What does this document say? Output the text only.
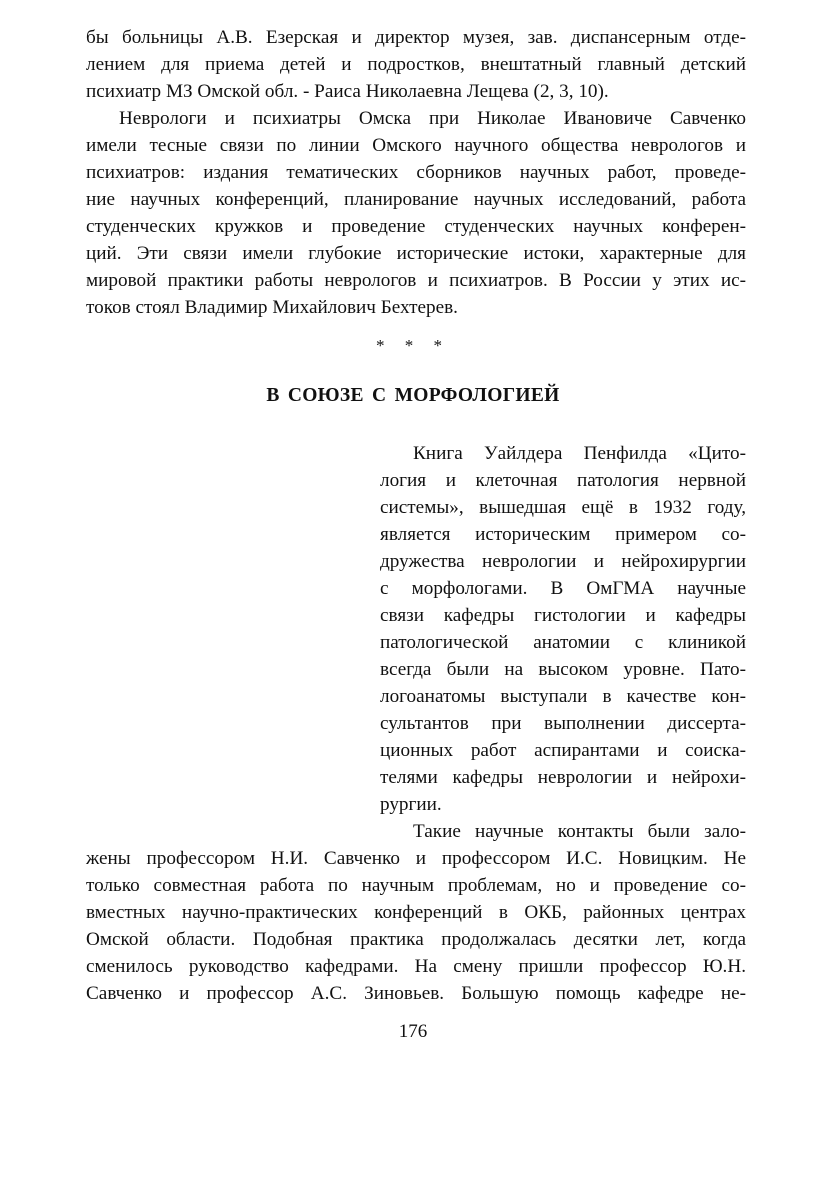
бы больницы А.В. Езерская и директор музея, зав. диспансерным отде-
лением для приема детей и подростков, внештатный главный детский
психиатр МЗ Омской обл. - Раиса Николаевна Лещева (2, 3, 10).
Неврологи и психиатры Омска при Николае Ивановиче Савченко
имели тесные связи по линии Омского научного общества неврологов и
психиатров: издания тематических сборников научных работ, проведе-
ние научных конференций, планирование научных исследований, работа
студенческих кружков и проведение студенческих научных конферен-
ций. Эти связи имели глубокие исторические истоки, характерные для
мировой практики работы неврологов и психиатров. В России у этих ис-
токов стоял Владимир Михайлович Бехтерев.
* * *
В СОЮЗЕ С МОРФОЛОГИЕЙ
Книга Уайлдера Пенфилда «Цито-
логия и клеточная патология нервной
системы», вышедшая ещё в 1932 году,
является историческим примером со-
дружества неврологии и нейрохирургии
с морфологами. В ОмГМА научные
связи кафедры гистологии и кафедры
патологической анатомии с клиникой
всегда были на высоком уровне. Пато-
логоанатомы выступали в качестве кон-
сультантов при выполнении диссерта-
ционных работ аспирантами и соиска-
телями кафедры неврологии и нейрохи-
рургии.
Такие научные контакты были зало-
жены профессором Н.И. Савченко и профессором И.С. Новицким. Не
только совместная работа по научным проблемам, но и проведение со-
вместных научно-практических конференций в ОКБ, районных центрах
Омской области. Подобная практика продолжалась десятки лет, когда
сменилось руководство кафедрами. На смену пришли профессор Ю.Н.
Савченко и профессор А.С. Зиновьев. Большую помощь кафедре не-
176
